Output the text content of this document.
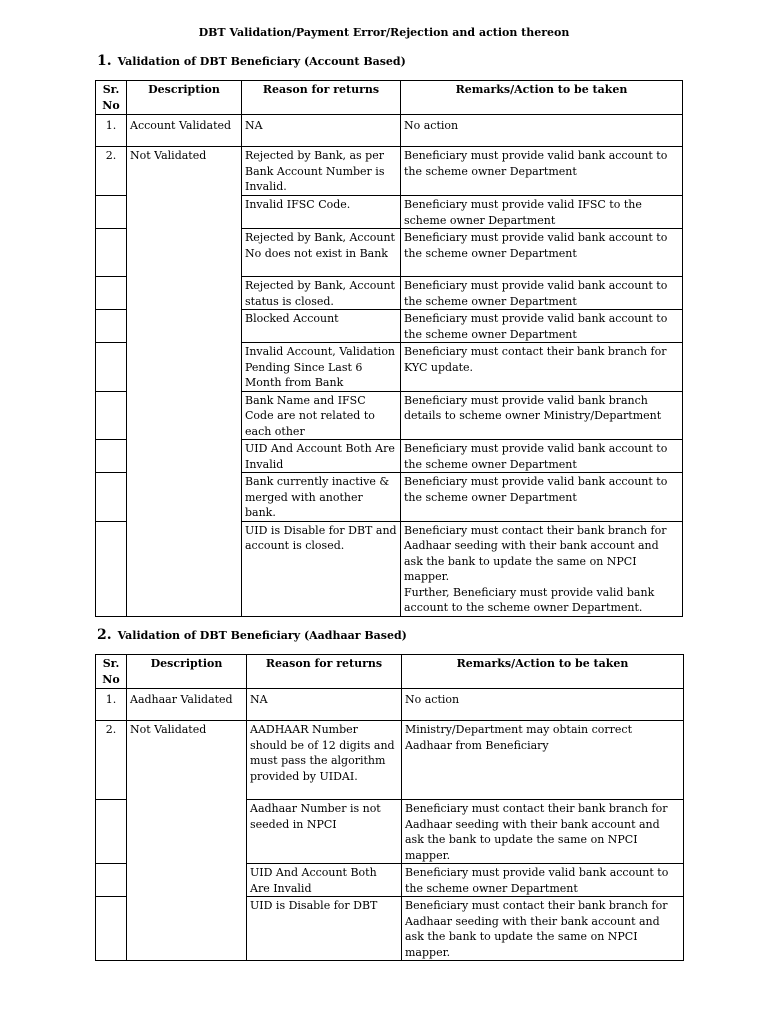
DBT Validation/Payment Error/Rejection and action thereon
1. Validation of DBT Beneficiary (Account Based)
Sr. No	Description	Reason for returns	Remarks/Action to be taken
1.	Account Validated	NA	No action
2.	Not Validated	Rejected by Bank, as per Bank Account Number is Invalid.	Beneficiary must provide valid bank account to the scheme owner Department
		Invalid IFSC Code.	Beneficiary must provide valid IFSC to the scheme owner Department
		Rejected by Bank, Account No does not exist in Bank	Beneficiary must provide valid bank account to the scheme owner Department
		Rejected by Bank, Account status is closed.	Beneficiary must provide valid bank account to the scheme owner Department
		Blocked Account	Beneficiary must provide valid bank account to the scheme owner Department
		Invalid Account, Validation Pending Since Last 6 Month from Bank	Beneficiary must contact their bank branch for KYC update.
		Bank Name and IFSC Code are not related to each other	Beneficiary must provide valid bank branch details to scheme owner Ministry/Department
		UID And Account Both Are Invalid	Beneficiary must provide valid bank account to the scheme owner Department
		Bank currently inactive & merged with another bank.	Beneficiary must provide valid bank account to the scheme owner Department
		UID is Disable for DBT and account is closed.	Beneficiary must contact their bank branch for Aadhaar seeding with their bank account and ask the bank to update the same on NPCI mapper.
Further, Beneficiary must provide valid bank account to the scheme owner Department.
2. Validation of DBT Beneficiary (Aadhaar Based)
Sr. No	Description	Reason for returns	Remarks/Action to be taken
1.	Aadhaar Validated	NA	No action
2.	Not Validated	AADHAAR Number should be of 12 digits and must pass the algorithm provided by UIDAI.	Ministry/Department may obtain correct Aadhaar from Beneficiary
		Aadhaar Number is not seeded in NPCI	Beneficiary must contact their bank branch for Aadhaar seeding with their bank account and ask the bank to update the same on NPCI mapper.
		UID And Account Both Are Invalid	Beneficiary must provide valid bank account to the scheme owner Department
		UID is Disable for DBT	Beneficiary must contact their bank branch for Aadhaar seeding with their bank account and ask the bank to update the same on NPCI mapper.
